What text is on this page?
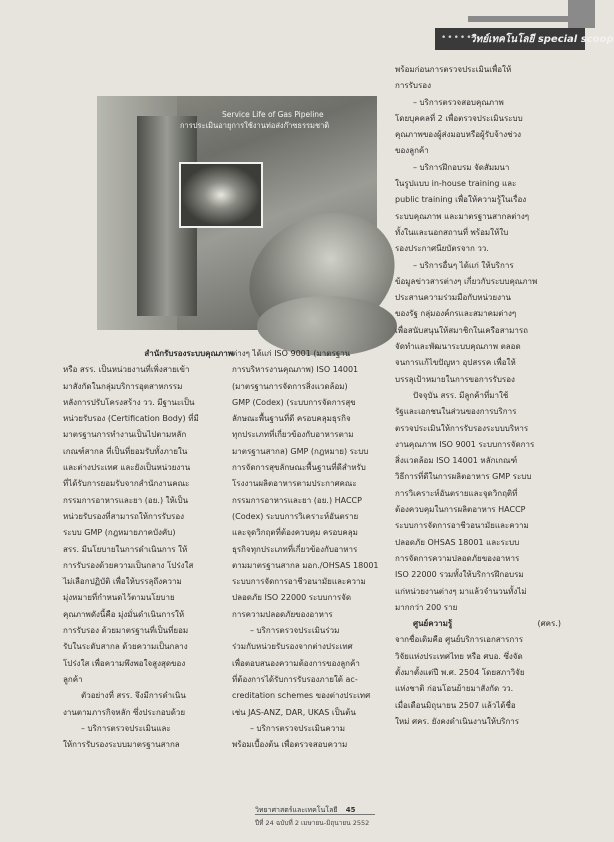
•••••
วิทย์เทคโนโลยี special scoop
Service Life of Gas Pipeline
การประเมินอายุการใช้งานท่อส่งก๊าซธรรมชาติ
สำนักรับรองระบบคุณภาพ
หรือ สรร. เป็นหน่วยงานที่เพิ่งสายเข้า
มาสังกัดในกลุ่มบริการอุตสาหกรรม
หลังการปรับโครงสร้าง วว. มีฐานะเป็น
หน่วยรับรอง (Certification Body) ที่มี
มาตรฐานการทำงานเป็นไปตามหลัก
เกณฑ์สากล ที่เป็นที่ยอมรับทั้งภายใน
และต่างประเทศ และยังเป็นหน่วยงาน
ที่ได้รับการยอมรับจากสำนักงานคณะ
กรรมการอาหารและยา (อย.) ให้เป็น
หน่วยรับรองที่สามารถให้การรับรอง
ระบบ GMP (กฎหมายภาคบังคับ)
สรร. มีนโยบายในการดำเนินการ ให้
การรับรองด้วยความเป็นกลาง โปร่งใส
ไม่เลือกปฏิบัติ เพื่อให้บรรลุถึงความ
มุ่งหมายที่กำหนดไว้ตามนโยบาย
คุณภาพดังนี้คือ มุ่งมั่นดำเนินการให้
การรับรอง ด้วยมาตรฐานที่เป็นที่ยอม
รับในระดับสากล ด้วยความเป็นกลาง
โปร่งใส เพื่อความพึงพอใจสูงสุดของ
ลูกค้า
ตัวอย่างที่ สรร. จึงมีการดำเนิน
งานตามภารกิจหลัก ซึ่งประกอบด้วย
– บริการตรวจประเมินและ
ให้การรับรองระบบมาตรฐานสากล
ต่างๆ ได้แก่ ISO 9001 (มาตรฐาน
การบริหารงานคุณภาพ) ISO 14001
(มาตรฐานการจัดการสิ่งแวดล้อม)
GMP (Codex) (ระบบการจัดการสุข
ลักษณะพื้นฐานที่ดี ครอบคลุมธุรกิจ
ทุกประเภทที่เกี่ยวข้องกับอาหารตาม
มาตรฐานสากล) GMP (กฎหมาย) ระบบ
การจัดการสุขลักษณะพื้นฐานที่ดีสำหรับ
โรงงานผลิตอาหารตามประกาศคณะ
กรรมการอาหารและยา (อย.) HACCP
(Codex) ระบบการวิเคราะห์อันตราย
และจุดวิกฤตที่ต้องควบคุม ครอบคลุม
ธุรกิจทุกประเภทที่เกี่ยวข้องกับอาหาร
ตามมาตรฐานสากล มอก./OHSAS 18001
ระบบการจัดการอาชีวอนามัยและความ
ปลอดภัย ISO 22000 ระบบการจัด
การความปลอดภัยของอาหาร
– บริการตรวจประเมินร่วม
ร่วมกับหน่วยรับรองจากต่างประเทศ
เพื่อตอบสนองความต้องการของลูกค้า
ที่ต้องการได้รับการรับรองภายใต้ ac-
creditation schemes ของต่างประเทศ
เช่น JAS-ANZ, DAR, UKAS เป็นต้น
– บริการตรวจประเมินความ
พร้อมเบื้องต้น เพื่อตรวจสอบความ
พร้อมก่อนการตรวจประเมินเพื่อให้
การรับรอง
– บริการตรวจสอบคุณภาพ
โดยบุคคลที่ 2 เพื่อตรวจประเมินระบบ
คุณภาพของผู้ส่งมอบหรือผู้รับจ้างช่วง
ของลูกค้า
– บริการฝึกอบรม จัดสัมมนา
ในรูปแบบ in-house training และ
public training เพื่อให้ความรู้ในเรื่อง
ระบบคุณภาพ และมาตรฐานสากลต่างๆ
ทั้งในและนอกสถานที่ พร้อมให้ใบ
รองประกาศนียบัตรจาก วว.
– บริการอื่นๆ ได้แก่ ให้บริการ
ข้อมูลข่าวสารต่างๆ เกี่ยวกับระบบคุณภาพ
ประสานความร่วมมือกับหน่วยงาน
ของรัฐ กลุ่มองค์กรและสมาคมต่างๆ
เพื่อสนับสนุนให้สมาชิกในเครือสามารถ
จัดทำและพัฒนาระบบคุณภาพ ตลอด
จนการแก้ไขปัญหา อุปสรรค เพื่อให้
บรรลุเป้าหมายในการขอการรับรอง
ปัจจุบัน สรร. มีลูกค้าที่มาใช้
รัฐและเอกชนในส่วนของการบริการ
ตรวจประเมินให้การรับรองระบบบริหาร
งานคุณภาพ ISO 9001 ระบบการจัดการ
สิ่งแวดล้อม ISO 14001 หลักเกณฑ์
วิธีการที่ดีในการผลิตอาหาร GMP ระบบ
การวิเคราะห์อันตรายและจุดวิกฤติที่
ต้องควบคุมในการผลิตอาหาร HACCP
ระบบการจัดการอาชีวอนามัยและความ
ปลอดภัย OHSAS 18001 และระบบ
การจัดการความปลอดภัยของอาหาร
ISO 22000 รวมทั้งให้บริการฝึกอบรม
แก่หน่วยงานต่างๆ มาแล้วจำนวนทั้งไม่
มากกว่า 200 ราย
ศูนย์ความรู้	(ศคร.)
จากชื่อเดิมคือ ศูนย์บริการเอกสารการ
วิจัยแห่งประเทศไทย หรือ ศบอ. ซึ่งจัด
ตั้งมาตั้งแต่ปี พ.ศ. 2504 โดยสภาวิจัย
แห่งชาติ ก่อนโอนย้ายมาสังกัด วว.
เมื่อเดือนมิถุนายน 2507 แล้วได้ชื่อ
ใหม่ ศคร. ยังคงดำเนินงานให้บริการ
วิทยาศาสตร์และเทคโนโลยี 45
ปีที่ 24 ฉบับที่ 2 เมษายน-มิถุนายน 2552
